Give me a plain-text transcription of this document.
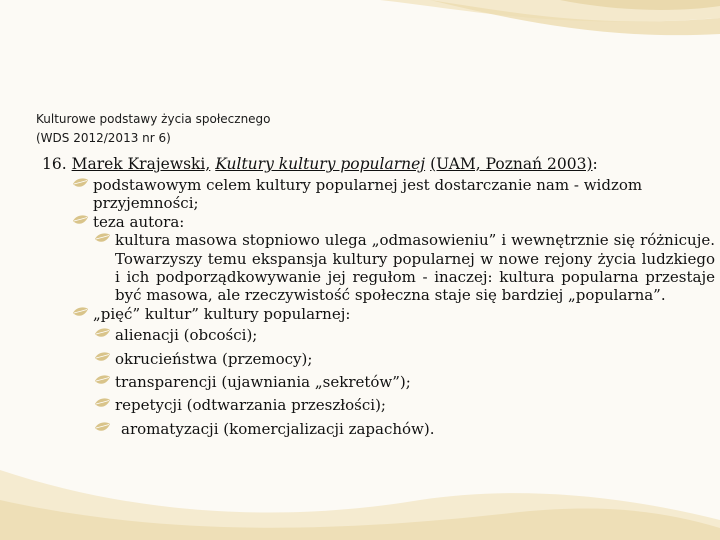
Kulturowe podstawy życia społecznego
(WDS 2012/2013 nr 6)
16. Marek Krajewski, Kultury kultury popularnej (UAM, Poznań 2003):
podstawowym celem kultury popularnej jest dostarczanie nam - widzom przyjemności;
teza autora:
kultura masowa stopniowo ulega „odmasowieniu” i wewnętrznie się różnicuje. Towarzyszy temu ekspansja kultury popularnej w nowe rejony życia ludzkiego i ich podporządkowywanie jej regułom - inaczej: kultura popularna przestaje być masowa, ale rzeczywistość społeczna staje się bardziej „popularna”.
„pięć” kultur” kultury popularnej:
alienacji (obcości);
okrucieństwa (przemocy);
transparencji (ujawniania „sekretów”);
repetycji (odtwarzania przeszłości);
aromatyzacji (komercjalizacji zapachów).
